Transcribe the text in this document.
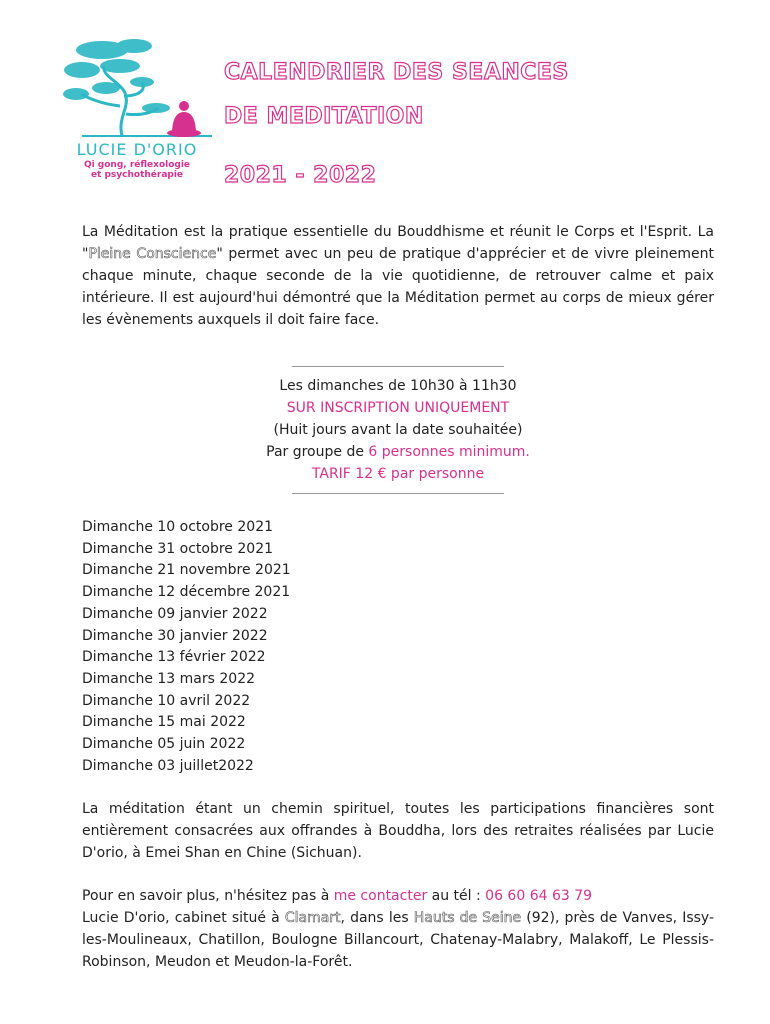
LUCIE D'ORIO
Qi gong, réflexologie
et psychothérapie
CALENDRIER DES SEANCES
DE MEDITATION
2021 - 2022

La Méditation est la pratique essentielle du Bouddhisme et réunit le Corps et l'Esprit. La "Pleine Conscience" permet avec un peu de pratique d'apprécier et de vivre pleinement chaque minute, chaque seconde de la vie quotidienne, de retrouver calme et paix intérieure. Il est aujourd'hui démontré que la Méditation permet au corps de mieux gérer les évènements auxquels il doit faire face.

Les dimanches de 10h30 à 11h30
SUR INSCRIPTION UNIQUEMENT
(Huit jours avant la date souhaitée)
Par groupe de 6 personnes minimum.
TARIF 12 € par personne
Dimanche 10 octobre 2021
Dimanche 31 octobre 2021
Dimanche 21 novembre 2021
Dimanche 12 décembre 2021
Dimanche 09 janvier 2022
Dimanche 30 janvier 2022
Dimanche 13 février 2022
Dimanche 13 mars 2022
Dimanche 10 avril 2022
Dimanche 15 mai 2022
Dimanche 05 juin 2022
Dimanche 03 juillet2022

La méditation étant un chemin spirituel, toutes les participations financières sont entièrement consacrées aux offrandes à Bouddha, lors des retraites réalisées par Lucie D'orio, à Emei Shan en Chine (Sichuan).

Pour en savoir plus, n'hésitez pas à me contacter au tél : 06 60 64 63 79
Lucie D'orio, cabinet situé à Clamart, dans les Hauts de Seine (92), près de Vanves, Issy-les-Moulineaux, Chatillon, Boulogne Billancourt, Chatenay-Malabry, Malakoff, Le Plessis-Robinson, Meudon et Meudon-la-Forêt.
